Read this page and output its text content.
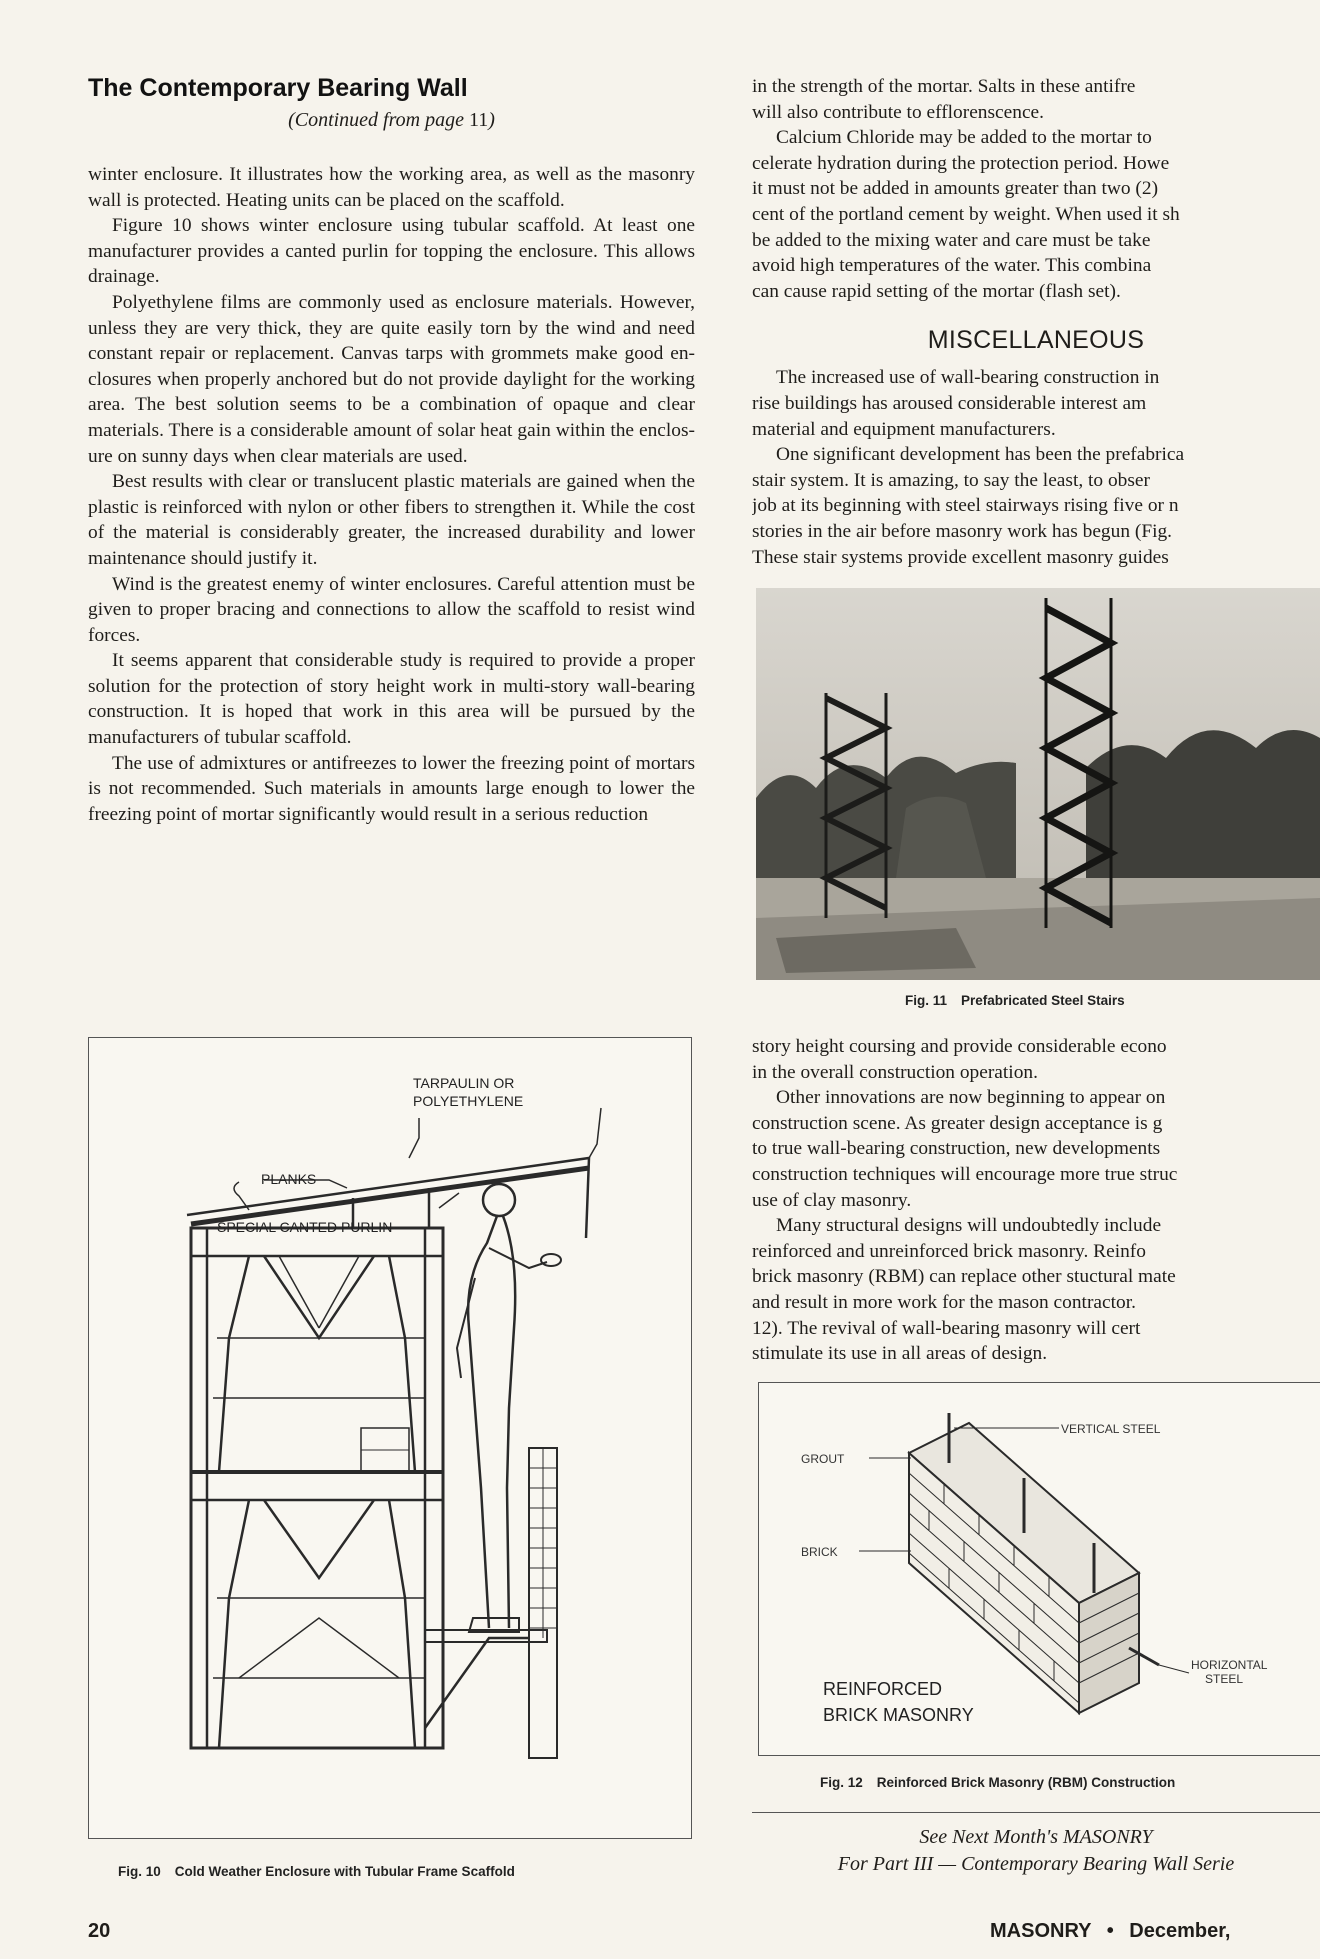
The Contemporary Bearing Wall

(Continued from page 11)

winter enclosure. It illustrates how the working area, as well as the masonry wall is protected. Heating units can be placed on the scaffold.

Figure 10 shows winter enclosure using tubular scaffold. At least one manufacturer provides a canted purlin for topping the enclosure. This allows drainage.

Polyethylene films are commonly used as enclosure materials. However, unless they are very thick, they are quite easily torn by the wind and need constant repair or replacement. Canvas tarps with grommets make good enclosures when properly anchored but do not provide daylight for the working area. The best solution seems to be a combination of opaque and clear materials. There is a considerable amount of solar heat gain within the enclosure on sunny days when clear materials are used.

Best results with clear or translucent plastic materials are gained when the plastic is reinforced with nylon or other fibers to strengthen it. While the cost of the material is considerably greater, the increased durability and lower maintenance should justify it.

Wind is the greatest enemy of winter enclosures. Careful attention must be given to proper bracing and connections to allow the scaffold to resist wind forces.

It seems apparent that considerable study is required to provide a proper solution for the protection of story height work in multi-story wall-bearing construction. It is hoped that work in this area will be pursued by the manufacturers of tubular scaffold.

The use of admixtures or antifreezes to lower the freezing point of mortars is not recommended. Such materials in amounts large enough to lower the freezing point of mortar significantly would result in a serious reduction

TARPAULIN OR
POLYETHYLENE
PLANKS
SPECIAL CANTED PURLIN
Fig. 10 Cold Weather Enclosure with Tubular Frame Scaffold
in the strength of the mortar. Salts in these antifre
will also contribute to efflorenscence.
Calcium Chloride may be added to the mortar to
celerate hydration during the protection period. Howe
it must not be added in amounts greater than two (2)
cent of the portland cement by weight. When used it sh
be added to the mixing water and care must be take
avoid high temperatures of the water. This combina
can cause rapid setting of the mortar (flash set).
MISCELLANEOUS
The increased use of wall-bearing construction in
rise buildings has aroused considerable interest am
material and equipment manufacturers.
One significant development has been the prefabrica
stair system. It is amazing, to say the least, to obser
job at its beginning with steel stairways rising five or n
stories in the air before masonry work has begun (Fig.
These stair systems provide excellent masonry guides
Fig. 11 Prefabricated Steel Stairs
story height coursing and provide considerable econo
in the overall construction operation.
Other innovations are now beginning to appear on
construction scene. As greater design acceptance is g
to true wall-bearing construction, new developments
construction techniques will encourage more true struc
use of clay masonry.
Many structural designs will undoubtedly include
reinforced and unreinforced brick masonry. Reinfo
brick masonry (RBM) can replace other stuctural mate
and result in more work for the mason contractor.
12). The revival of wall-bearing masonry will cert
stimulate its use in all areas of design.
GROUT
VERTICAL STEEL
BRICK
HORIZONTAL
STEEL
REINFORCED
BRICK MASONRY
Fig. 12 Reinforced Brick Masonry (RBM) Construction
See Next Month's MASONRY
For Part III — Contemporary Bearing Wall Serie
20	MASONRY • December,
